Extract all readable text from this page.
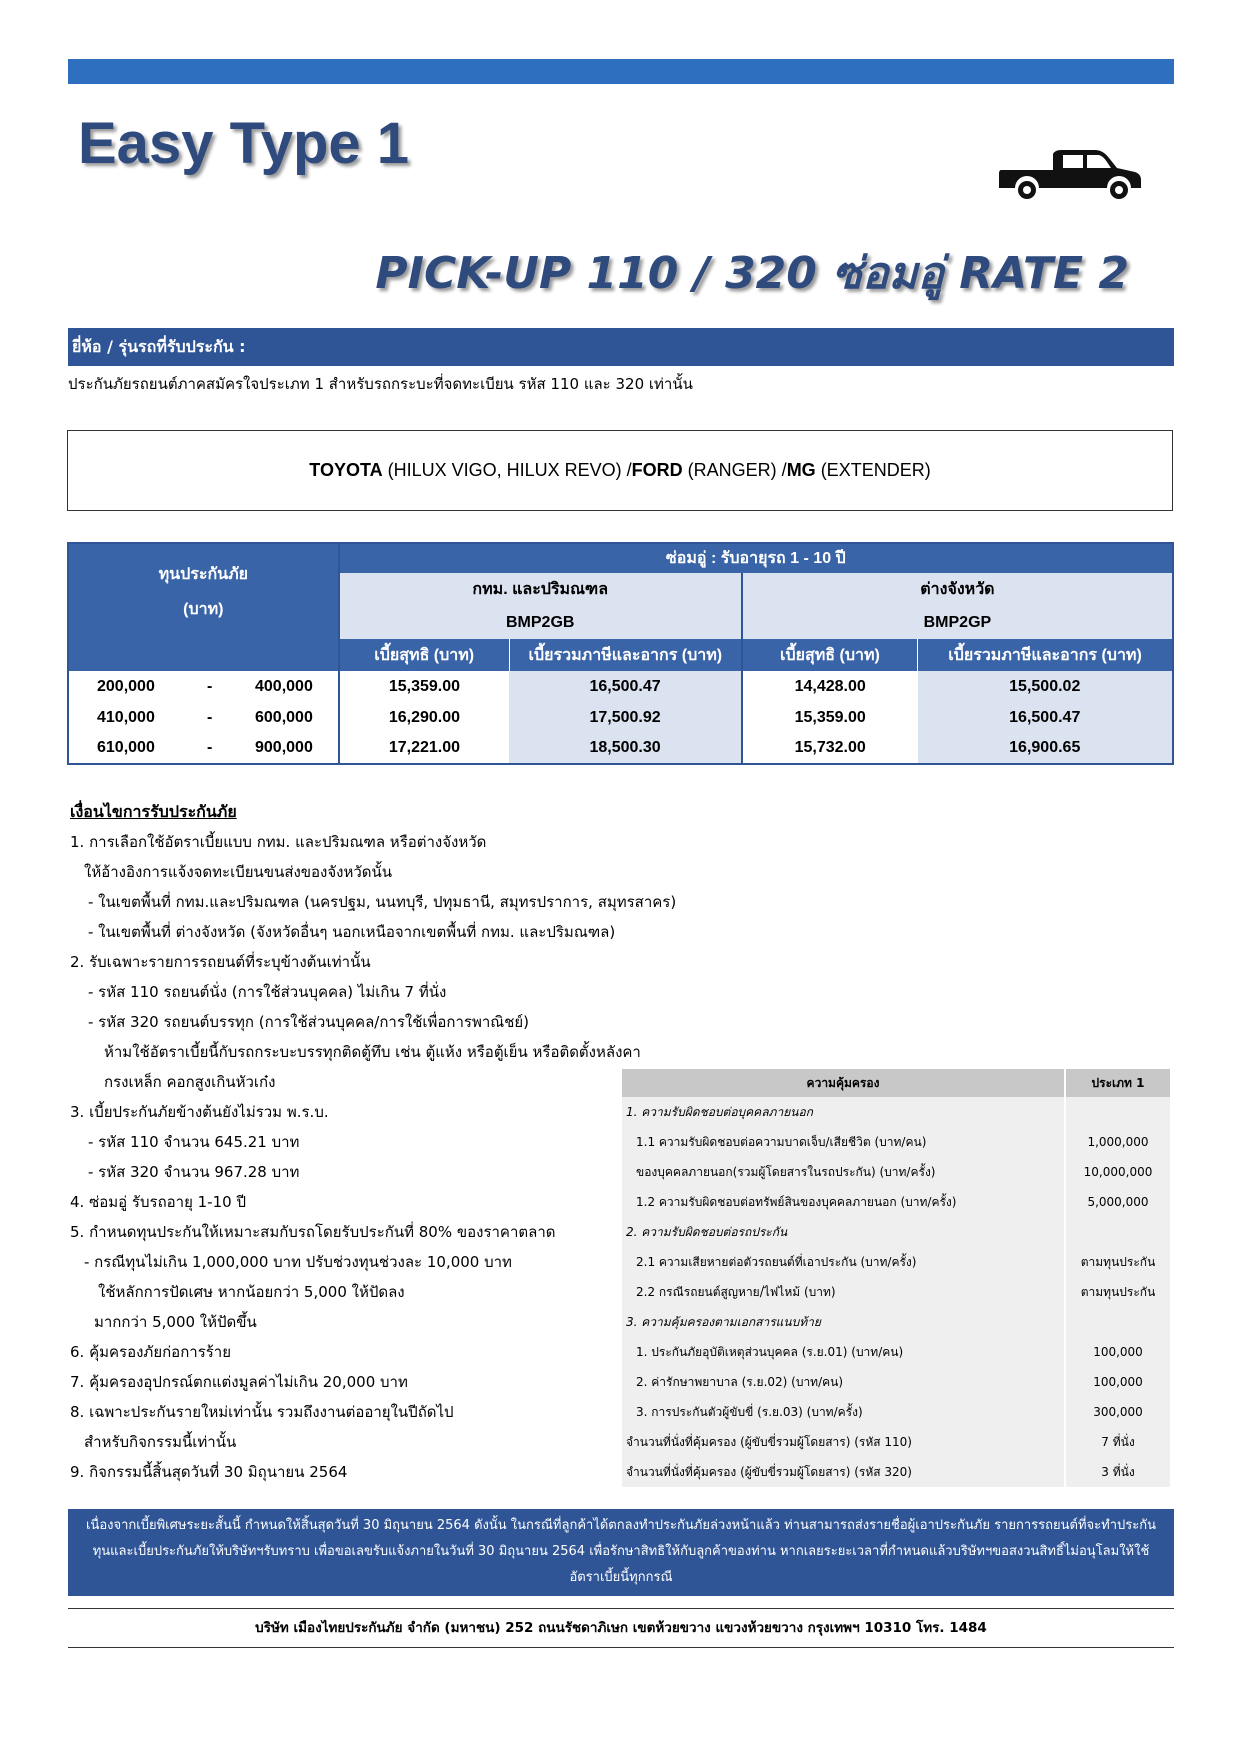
Easy Type 1
PICK-UP 110 / 320 ซ่อมอู่ RATE 2
ยี่ห้อ / รุ่นรถที่รับประกัน :
ประกันภัยรถยนต์ภาคสมัครใจประเภท 1 สำหรับรถกระบะที่จดทะเบียน รหัส 110 และ 320 เท่านั้น
TOYOTA (HILUX VIGO, HILUX REVO) / FORD (RANGER) / MG (EXTENDER)
ทุนประกันภัย
(บาท)	ซ่อมอู่ : รับอายุรถ 1 - 10 ปี			
	กทม. และปริมณฑล		ต่างจังหวัด	
	BMP2GB		BMP2GP	
	เบี้ยสุทธิ (บาท)	เบี้ยรวมภาษีและอากร (บาท)	เบี้ยสุทธิ (บาท)	เบี้ยรวมภาษีและอากร (บาท)
200,000 - 400,000	15,359.00	16,500.47	14,428.00	15,500.02
410,000 - 600,000	16,290.00	17,500.92	15,359.00	16,500.47
610,000 - 900,000	17,221.00	18,500.30	15,732.00	16,900.65
เงื่อนไขการรับประกันภัย
1. การเลือกใช้อัตราเบี้ยแบบ กทม. และปริมณฑล หรือต่างจังหวัด
ให้อ้างอิงการแจ้งจดทะเบียนขนส่งของจังหวัดนั้น
- ในเขตพื้นที่ กทม.และปริมณฑล (นครปฐม, นนทบุรี, ปทุมธานี, สมุทรปราการ, สมุทรสาคร)
- ในเขตพื้นที่ ต่างจังหวัด (จังหวัดอื่นๆ นอกเหนือจากเขตพื้นที่ กทม. และปริมณฑล)
2. รับเฉพาะรายการรถยนต์ที่ระบุข้างต้นเท่านั้น
- รหัส 110 รถยนต์นั่ง (การใช้ส่วนบุคคล) ไม่เกิน 7 ที่นั่ง
- รหัส 320 รถยนต์บรรทุก (การใช้ส่วนบุคคล/การใช้เพื่อการพาณิชย์)
ห้ามใช้อัตราเบี้ยนี้กับรถกระบะบรรทุกติดตู้ทึบ เช่น ตู้แห้ง หรือตู้เย็น หรือติดตั้งหลังคา
กรงเหล็ก คอกสูงเกินหัวเก๋ง
3. เบี้ยประกันภัยข้างต้นยังไม่รวม พ.ร.บ.
- รหัส 110 จำนวน 645.21 บาท
- รหัส 320 จำนวน 967.28 บาท
4. ซ่อมอู่ รับรถอายุ 1-10 ปี
5. กำหนดทุนประกันให้เหมาะสมกับรถโดยรับประกันที่ 80% ของราคาตลาด
- กรณีทุนไม่เกิน 1,000,000 บาท ปรับช่วงทุนช่วงละ 10,000 บาท
ใช้หลักการปัดเศษ หากน้อยกว่า 5,000 ให้ปัดลง
มากกว่า 5,000 ให้ปัดขึ้น
6. คุ้มครองภัยก่อการร้าย
7. คุ้มครองอุปกรณ์ตกแต่งมูลค่าไม่เกิน 20,000 บาท
8. เฉพาะประกันรายใหม่เท่านั้น รวมถึงงานต่ออายุในปีถัดไป
สำหรับกิจกรรมนี้เท่านั้น
9. กิจกรรมนี้สิ้นสุดวันที่ 30 มิถุนายน 2564
ความคุ้มครอง	ประเภท 1
1. ความรับผิดชอบต่อบุคคลภายนอก	
1.1 ความรับผิดชอบต่อความบาดเจ็บ/เสียชีวิต (บาท/คน)	1,000,000
ของบุคคลภายนอก(รวมผู้โดยสารในรถประกัน) (บาท/ครั้ง)	10,000,000
1.2 ความรับผิดชอบต่อทรัพย์สินของบุคคลภายนอก (บาท/ครั้ง)	5,000,000
2. ความรับผิดชอบต่อรถประกัน	
2.1 ความเสียหายต่อตัวรถยนต์ที่เอาประกัน (บาท/ครั้ง)	ตามทุนประกัน
2.2 กรณีรถยนต์สูญหาย/ไฟไหม้ (บาท)	ตามทุนประกัน
3. ความคุ้มครองตามเอกสารแนบท้าย	
1. ประกันภัยอุบัติเหตุส่วนบุคคล (ร.ย.01) (บาท/คน)	100,000
2. ค่ารักษาพยาบาล (ร.ย.02) (บาท/คน)	100,000
3. การประกันตัวผู้ขับขี่ (ร.ย.03) (บาท/ครั้ง)	300,000
จำนวนที่นั่งที่คุ้มครอง (ผู้ขับขี่รวมผู้โดยสาร) (รหัส 110)	7 ที่นั่ง
จำนวนที่นั่งที่คุ้มครอง (ผู้ขับขี่รวมผู้โดยสาร) (รหัส 320)	3 ที่นั่ง
เนื่องจากเบี้ยพิเศษระยะสั้นนี้ กำหนดให้สิ้นสุดวันที่ 30 มิถุนายน 2564 ดังนั้น ในกรณีที่ลูกค้าได้ตกลงทำประกันภัยล่วงหน้าแล้ว ท่านสามารถส่งรายชื่อผู้เอาประกันภัย รายการรถยนต์ที่จะทำประกัน
ทุนและเบี้ยประกันภัยให้บริษัทฯรับทราบ เพื่อขอเลขรับแจ้งภายในวันที่ 30 มิถุนายน 2564 เพื่อรักษาสิทธิให้กับลูกค้าของท่าน หากเลยระยะเวลาที่กำหนดแล้วบริษัทฯขอสงวนสิทธิ์ไม่อนุโลมให้ใช้
อัตราเบี้ยนี้ทุกกรณี
บริษัท เมืองไทยประกันภัย จำกัด (มหาชน) 252 ถนนรัชดาภิเษก เขตห้วยขวาง แขวงห้วยขวาง กรุงเทพฯ 10310 โทร. 1484
